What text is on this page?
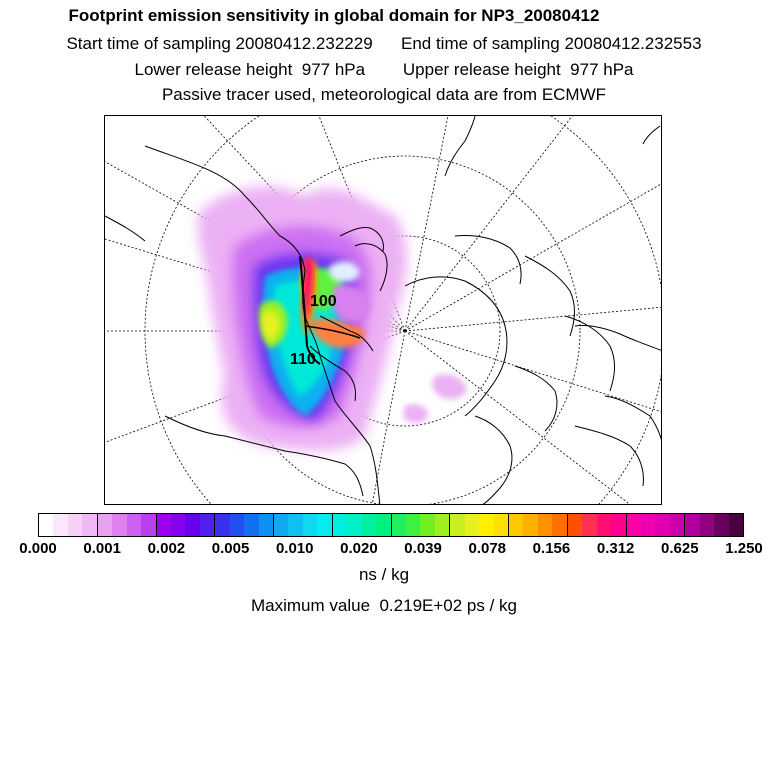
Footprint emission sensitivity in global domain for NP3_20080412
Start time of sampling 20080412.232229      End time of sampling 20080412.232553
Lower release height  977 hPa        Upper release height  977 hPa
Passive tracer used, meteorological data are from ECMWF
100
110
0.000 0.001 0.002 0.005 0.010 0.020 0.039 0.078 0.156 0.312 0.625 1.250
ns / kg
Maximum value  0.219E+02 ps / kg
